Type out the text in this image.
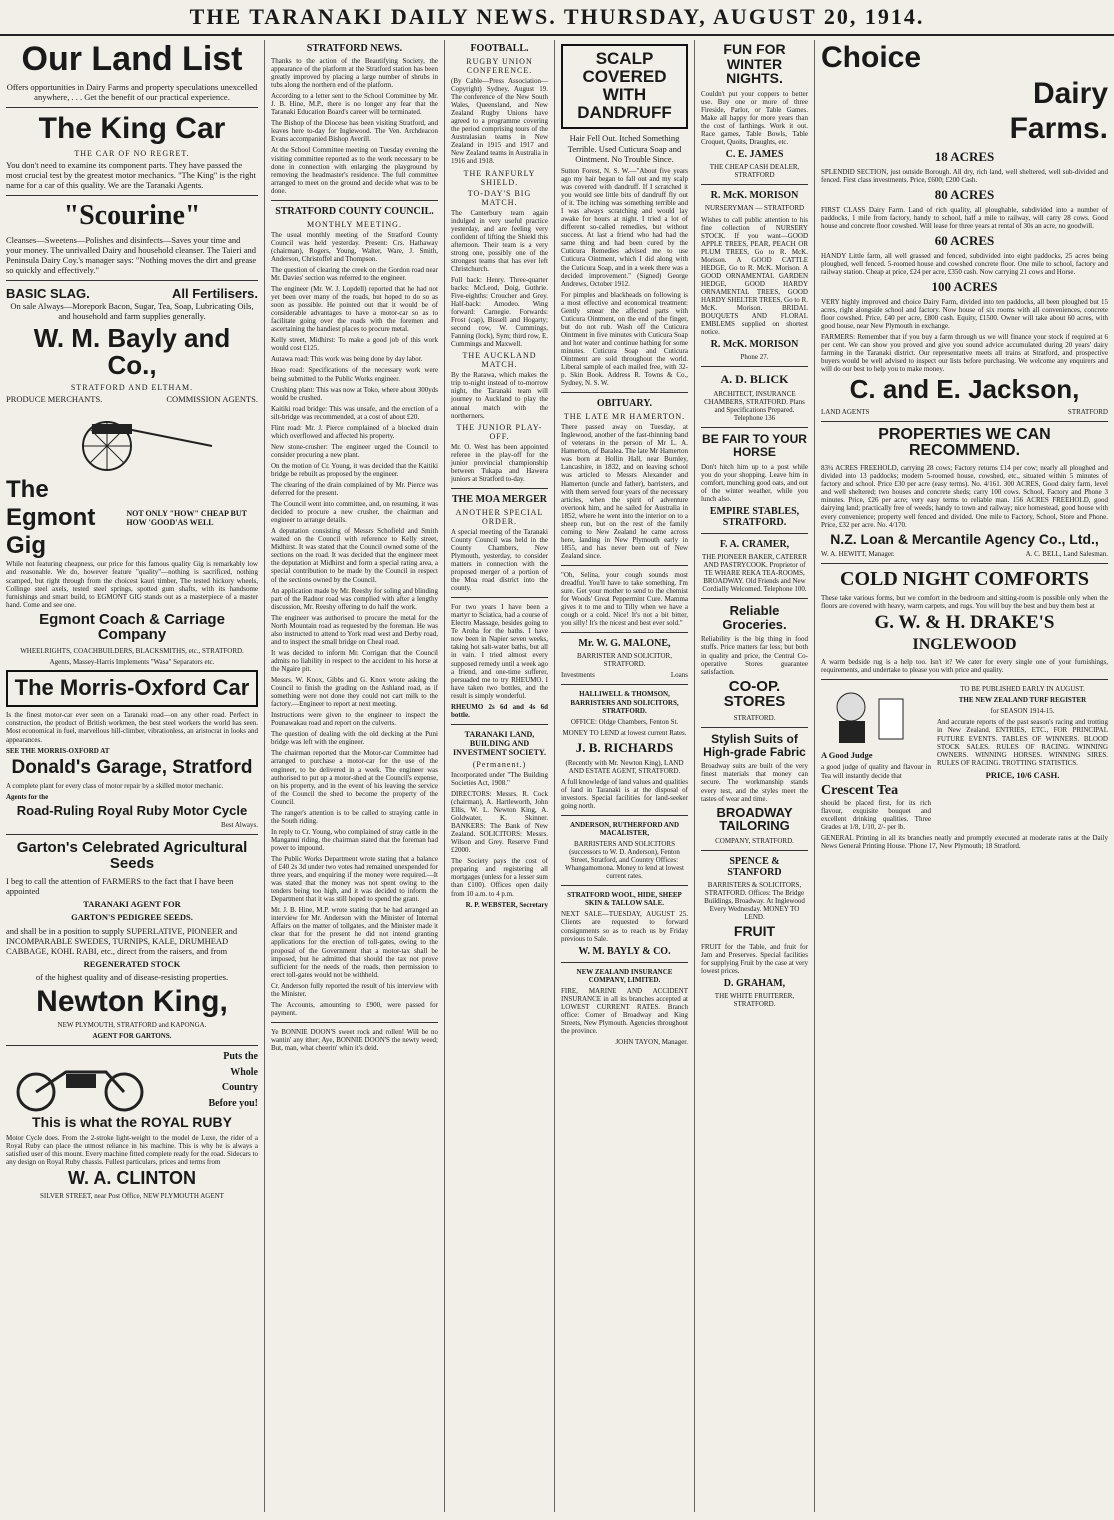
THE TARANAKI DAILY NEWS. THURSDAY, AUGUST 20, 1914.
Our Land List

Offers opportunities in Dairy Farms and property speculations unexcelled anywhere, . . . Get the benefit of our practical experience.

The King Car

THE CAR OF NO REGRET.

You don't need to examine its component parts. They have passed the most crucial test by the greatest motor mechanics. "The King" is the right name for a car of this quality. We are the Taranaki Agents.

"Scourine"

Cleanses—Sweetens—Polishes and disinfects—Saves your time and your money. The unrivalled Dairy and household cleanser. The Taieri and Peninsula Dairy Coy.'s manager says: "Nothing moves the dirt and grease so quickly and effectively."

BASIC SLAG.	All Fertilisers.

On sale Always—Morepork Bacon, Sugar, Tea, Soap, Lubricating Oils, and household and farm supplies generally.

W. M. Bayly and Co.,

STRATFORD AND ELTHAM.

PRODUCE MERCHANTS.	COMMISSION AGENTS.
The Egmont Gig
NOT ONLY "HOW" CHEAP BUT HOW 'GOOD'AS WELL

While not featuring cheapness, our price for this famous quality Gig is remarkably low and reasonable. We do, however feature "quality"—nothing is sacrificed, nothing scamped, but right through from the choicest kauri timber, The tested hickory wheels, Collinge steel axels, tested steel springs, spotted gum shafts, with its handsome furnishings and smart build, to EGMONT GIG stands out as a masterpiece of a master hand. Come and see one.

Egmont Coach & Carriage Company

WHEELRIGHTS, COACHBUILDERS, BLACKSMITHS, etc., STRATFORD.

Agents, Massey-Harris Implements "Wasa" Separators etc.

The Morris-Oxford Car

Is the finest motor-car ever seen on a Taranaki road—on any other road. Perfect in construction, the product of British workmen, the best steel workers the world has seen. Most economical in fuel, marvellous hill-climber, vibrationless, an aristocrat in looks and appearances.

SEE THE MORRIS-OXFORD AT

Donald's Garage, Stratford

A complete plant for every class of motor repair by a skilled motor mechanic.

Agents for the

Road-Ruling Royal Ruby Motor Cycle

Best Always.

Garton's Celebrated Agricultural Seeds

I beg to call the attention of FARMERS to the fact that I have been appointed

TARANAKI AGENT FOR

GARTON'S PEDIGREE SEEDS.

and shall be in a position to supply SUPERLATIVE, PIONEER and INCOMPARABLE SWEDES, TURNIPS, KALE, DRUMHEAD CABBAGE, KOHL RABI, etc., direct from the raisers, and from

REGENERATED STOCK

of the highest quality and of disease-resisting properties.

Newton King,

NEW PLYMOUTH, STRATFORD and KAPONGA.

AGENT FOR GARTONS.

Puts the
Whole
Country
Before you!
This is what the ROYAL RUBY

Motor Cycle does. From the 2-stroke light-weight to the model de Luxe, the rider of a Royal Ruby can place the utmost reliance in his machine. This is why he is always a satisfied user of this mount. Every machine fitted complete ready for the road. Sidecars to any design on Royal Ruby chassis. Fullest particulars, prices and terms from

W. A. CLINTON

SILVER STREET, near Post Office, NEW PLYMOUTH AGENT

STRATFORD NEWS.

Thanks to the action of the Beautifying Society, the appearance of the platform at the Stratford station has been greatly improved by placing a large number of shrubs in tubs along the northern end of the platform.

According to a letter sent to the School Committee by Mr. J. B. Hine, M.P., there is no longer any fear that the Taranaki Education Board's career will be terminated.

The Bishop of the Diocese has been visiting Stratford, and leaves here to-day for Inglewood. The Ven. Archdeacon Evans accompanied Bishop Averill.

At the School Committee meeting on Tuesday evening the visiting committee reported as to the work necessary to be done in connection with enlarging the playground by removing the headmaster's residence. The full committee arranged to meet on the ground and decide what was to be done.

STRATFORD COUNTY COUNCIL.
MONTHLY MEETING.

The usual monthly meeting of the Stratford County Council was held yesterday. Present: Crs. Hathaway (chairman), Rogers, Young, Walter, Ware, J. Smith, Anderson, Christoffel and Thompson.

The question of clearing the creek on the Gordon road near Mr. Davies' section was referred to the engineer.

The engineer (Mr. W. J. Lopdell) reported that he had not yet been over many of the roads, but hoped to do so as soon as possible. He pointed out that it would be of considerable advantages to have a motor-car so as to facilitate going over the roads with the foremen and ascertaining the handiest places to procure metal.

Kelly street, Midhirst: To make a good job of this work would cost £125.

Autawa road: This work was being done by day labor.

Heao road: Specifications of the necessary work were being submitted to the Public Works engineer.

Crushing plant: This was now at Toko, where about 300yds would be crushed.

Kaitiki road bridge: This was unsafe, and the erection of a silt-bridge was recommended, at a cost of about £20.

Flint road: Mr. J. Pierce complained of a blocked drain which overflowed and affected his property.

New stone-crusher: The engineer urged the Council to consider procuring a new plant.

On the motion of Cr. Young, it was decided that the Kaitiki bridge be rebuilt as proposed by the engineer.

The clearing of the drain complained of by Mr. Pierce was deferred for the present.

The Council went into committee, and, on resuming, it was decided to procure a new crusher, the chairman and engineer to arrange details.

A deputation consisting of Messrs Schofield and Smith waited on the Council with reference to Kelly street, Midhirst. It was stated that the Council owned some of the sections on the road. It was decided that the engineer meet the deputation at Midhirst and form a special rating area, a special contribution to be made by the Council in respect of the sections owned by the Council.

An application made by Mr. Reeshy for soling and blinding part of the Radnor road was complied with after a lengthy discussion, Mr. Reeshy offering to do half the work.

The engineer was authorised to procure the metal for the North Mountain road as requested by the foreman. He was also instructed to attend to York road west and Derby road, and to inspect the small bridge on Cheal road.

It was decided to inform Mr. Corrigan that the Council admits no liability in respect to the accident to his horse at the Ngaire pit.

Messrs. W. Knox, Gibbs and G. Knox wrote asking the Council to finish the grading on the Ashland road, as if something were not done they could not cart milk to the factory.—Engineer to report at next meeting.

Instructions were given to the engineer to inspect the Pounawakau road and report on the culverts.

The question of dealing with the old decking at the Puni bridge was left with the engineer.

The chairman reported that the Motor-car Committee had arranged to purchase a motor-car for the use of the engineer, to be delivered in a week. The engineer was authorised to put up a motor-shed at the Council's expense, on his property, and in the event of his leaving the service of the Council the shed to become the property of the Council.

The ranger's attention is to be called to straying cattle in the South riding.

In reply to Cr. Young, who complained of stray cattle in the Manganui riding, the chairman stated that the foreman had power to impound.

The Public Works Department wrote stating that a balance of £40 2s 3d under two votes had remained unexpended for three years, and enquiring if the money were required.—It was stated that the money was not spent owing to the tenders being too high, and it was decided to inform the Department that it was still hoped to spend the grant.

Mr. J. B. Hine, M.P. wrote stating that he had arranged an interview for Mr. Anderson with the Minister of Internal Affairs on the matter of tollgates, and the Minister made it clear that for the present he did not intend granting applications for the erection of toll-gates, owing to the proposal of the Government that a motor-tax shall be imposed, but he admitted that should the tax not prove sufficient for the needs of the roads, then permission to erect toll-gates would not be withheld.

Cr. Anderson fully reported the result of his interview with the Minister.

The Accounts, amounting to £900, were passed for payment.

Ye BONNIE DOON'S sweet rock and rollen! Will be no wantin' any ither; Aye, BONNIE DOON'S the newty weed; But, man, what cheerin' whin it's deid.

FOOTBALL.
RUGBY UNION CONFERENCE.

(By Cable—Press Association—Copyright) Sydney, August 19. The conference of the New South Wales, Queensland, and New Zealand Rugby Unions have agreed to a programme covering the period comprising tours of the Australasian teams in New Zealand in 1915 and 1917 and New Zealand teams in Australia in 1916 and 1918.

THE RANFURLY SHIELD.
TO-DAY'S BIG MATCH.

The Canterbury team again indulged in very useful practice yesterday, and are feeling very confident of lifting the Shield this afternoon. Their team is a very strong one, possibly one of the strongest teams that has ever left Christchurch.

Full back: Henry. Three-quarter backs: McLeod, Doig, Guthrie. Five-eighths: Croucher and Grey. Half-back: Amodeo. Wing forward: Carnegie. Forwards: Frost (cap), Bissell and Hogarty; second row, W. Cummings, Fanning (lock), Sym; third row, E. Cummings and Maxwell.

THE AUCKLAND MATCH.

By the Rarawa, which makes the trip to-night instead of to-morrow night, the Taranaki team will journey to Auckland to play the annual match with the northerners.

THE JUNIOR PLAY-OFF.

Mr. O. West has been appointed referee in the play-off for the junior provincial championship between Tukapa and Hawera juniors at Stratford to-day.

THE MOA MERGER
ANOTHER SPECIAL ORDER.

A special meeting of the Taranaki County Council was held in the County Chambers, New Plymouth, yesterday, to consider matters in connection with the proposed merger of a portion of the Moa road district into the county.

For two years I have been a martyr to Sciatica, had a course of Electro Massage, besides going to Te Aroha for the baths. I have now been in Napier seven weeks, taking hot salt-water baths, but all in vain. I tried almost every supposed remedy until a week ago a friend, and one-time sufferer, persuaded me to try RHEUMO. I have taken two bottles, and the result is simply wonderful.

RHEUMO 2s 6d and 4s 6d bottle.

TARANAKI LAND, BUILDING AND INVESTMENT SOCIETY.
(Permanent.)

Incorporated under "The Building Societies Act, 1908."

DIRECTORS: Messrs. R. Cock (chairman), A. Hartleworth, John Ellis, W. L. Newton King, A. Goldwater, K. Skinner. BANKERS: The Bank of New Zealand. SOLICITORS: Messrs. Wilson and Grey. Reserve Fund £2000.

The Society pays the cost of preparing and registering all mortgages (unless for a lesser sum than £100). Offices open daily from 10 a.m. to 4 p.m.

R. P. WEBSTER, Secretary

SCALP COVERED WITH DANDRUFF

Hair Fell Out. Itched Something Terrible. Used Cuticura Soap and Ointment. No Trouble Since.

Sutton Forest, N. S. W.—"About five years ago my hair began to fall out and my scalp was covered with dandruff. If I scratched it you would see little bits of dandruff fly out of it. The itching was something terrible and I was always scratching and would lay awake for hours at night. I tried a lot of different so-called remedies, but without success. At last a friend who had had the same thing and had been cured by the Cuticura Remedies advised me to use Cuticura Ointment, which I did along with the Cuticura Soap, and in a week there was a decided improvement." (Signed) George Andrews, October 1912.

For pimples and blackheads on following is a most effective and economical treatment: Gently smear the affected parts with Cuticura Ointment, on the end of the finger, but do not rub. Wash off the Cuticura Ointment in five minutes with Cuticura Soap and hot water and continue bathing for some minutes. Cuticura Soap and Cuticura Ointment are sold throughout the world. Liberal sample of each mailed free, with 32-p. Skin Book. Address R. Towns & Co., Sydney, N. S. W.

OBITUARY.
THE LATE MR HAMERTON.

There passed away on Tuesday, at Inglewood, another of the fast-thinning band of veterans in the person of Mr L. A. Hamerton, of Baralea. The late Mr Hamerton was born at Hollin Hall, near Burnley, Lancashire, in 1832, and on leaving school was articled to Messrs Alexander and Hamerton (uncle and father), barristers, and with them served four years of the necessary articles, when the spirit of adventure overtook him, and he sailed for Australia in 1852, where he went into the interior on to a sheep run, but on the rest of the family coming to New Zealand he came across here, landing in New Plymouth early in 1855, and has never been out of New Zealand since.

"Oh, Selina, your cough sounds most dreadful. You'll have to take something. I'm sure. Get your mother to send to the chemist for Woods' Great Peppermint Cure. Mamma gives it to me and to Tilly when we have a cough or a cold. Nice! It's not a bit bitter, you silly! It's the nicest and best ever sold."

Mr. W. G. MALONE,

BARRISTER AND SOLICITOR, STRATFORD.

Investments	Loans

HALLIWELL & THOMSON, BARRISTERS AND SOLICITORS, STRATFORD.

OFFICE: Oldge Chambers, Fenton St.

MONEY TO LEND at lowest current Rates.

J. B. RICHARDS

(Recently with Mr. Newton King), LAND AND ESTATE AGENT, STRATFORD.

A full knowledge of land values and qualities of land in Taranaki is at the disposal of investors. Special facilities for land-seeker going north.

ANDERSON, RUTHERFORD AND MACALISTER,

BARRISTERS AND SOLICITORS (successors to W. D. Anderson), Fenton Street, Stratford, and Country Offices: Whangamomona. Money to lend at lowest current rates.

STRATFORD WOOL, HIDE, SHEEP SKIN & TALLOW SALE.

NEXT SALE—TUESDAY, AUGUST 25. Clients are requested to forward consignments so as to reach us by Friday previous to Sale.

W. M. BAYLY & CO.

NEW ZEALAND INSURANCE COMPANY, LIMITED.

FIRE, MARINE AND ACCIDENT INSURANCE in all its branches accepted at LOWEST CURRENT RATES. Branch office: Corner of Broadway and King Streets, New Plymouth. Agencies throughout the province.

JOHN TAYON, Manager.

FUN FOR WINTER NIGHTS.

Couldn't put your coppers to better use. Buy one or more of three Fireside, Parlor, or Table Games. Make all happy for more years than the cost of farthings. Work it out. Race games, Table Bowls, Table Croquet, Quoits, Draughts, etc.

C. E. JAMES

THE CHEAP CASH DEALER, STRATFORD

R. McK. MORISON

NURSERYMAN — STRATFORD

Wishes to call public attention to his fine collection of NURSERY STOCK. If you want—GOOD APPLE TREES, PEAR, PEACH OR PLUM TREES, Go to R. McK. Morison. A GOOD CATTLE HEDGE, Go to R. McK. Morison. A GOOD ORNAMENTAL GARDEN HEDGE, GOOD HARDY ORNAMENTAL TREES, GOOD HARDY SHELTER TREES, Go to R. McK. Morison. BRIDAL BOUQUETS AND FLORAL EMBLEMS supplied on shortest notice.

R. McK. MORISON

Phone 27.

A. D. BLICK

ARCHITECT, INSURANCE CHAMBERS, STRATFORD. Plans and Specifications Prepared. Telephone 136

BE FAIR TO YOUR HORSE

Don't hitch him up to a post while you do your shopping. Leave him in comfort, munching good oats, and out of the winter weather, while you lunch also.

EMPIRE STABLES, STRATFORD.
F. A. CRAMER,

THE PIONEER BAKER, CATERER AND PASTRYCOOK. Proprietor of TE WHARE REKA TEA-ROOMS, BROADWAY. Old Friends and New Cordially Welcomed. Telephone 100.

Reliable Groceries.

Reliability is the big thing in food stuffs. Price matters far less; but both in quality and price, the Central Co-operative Stores guarantee satisfaction.

CO-OP. STORES

STRATFORD.

Stylish Suits of High-grade Fabric

Broadway suits are built of the very finest materials that money can secure. The workmanship stands every test, and the styles meet the tastes of wear and time.

BROADWAY TAILORING

COMPANY, STRATFORD.

SPENCE & STANFORD

BARRISTERS & SOLICITORS, STRATFORD. Offices: The Bridge Buildings, Broadway. At Inglewood Every Wednesday. MONEY TO LEND.

FRUIT

FRUIT for the Table, and fruit for Jam and Preserves. Special facilities for supplying Fruit by the case at very lowest prices.

D. GRAHAM,

THE WHITE FRUITERER, STRATFORD.

Choice
Dairy
Farms.
18 ACRES

SPLENDID SECTION, just outside Borough. All dry, rich land, well sheltered, well sub-divided and fenced. First class investments. Price, £600; £200 Cash.

80 ACRES

FIRST CLASS Dairy Farm. Land of rich quality, all ploughable, subdivided into a number of paddocks, 1 mile from factory, handy to school, half a mile to railway, will carry 28 cows. Good house and concrete floor cowshed. Will lease for three years at rental of 30s an acre, no goodwill.

60 ACRES

HANDY Little farm, all well grassed and fenced, subdivided into eight paddocks, 25 acres being ploughed, well fenced. 5-roomed house and cowshed concrete floor. One mile to school, factory and railway station. Cheap at price, £24 per acre, £350 cash. Now carrying 21 cows and Horse.

100 ACRES

VERY highly improved and choice Dairy Farm, divided into ten paddocks, all been ploughed but 15 acres, right alongside school and factory. Now house of six rooms with all conveniences, concrete floor cowshed. Price, £40 per acre, £800 cash. Equity, £1500. Owner will take about 60 acres, with good house, near New Plymouth in exchange.

FARMERS: Remember that if you buy a farm through us we will finance your stock if required at 6 per cent. We can show you proved and give you sound advice accumulated during 20 years' dairy farming in the Taranaki district. Our representative meets all trains at Stratford, and prospective buyers would be well advised to inspect our lists before purchasing. We welcome any enquirers and will do our best to help you to make money.

C. and E. Jackson,
LAND AGENTS	STRATFORD
PROPERTIES WE CAN RECOMMEND.

83¼ ACRES FREEHOLD, carrying 28 cows; Factory returns £14 per cow; nearly all ploughed and divided into 13 paddocks; modern 5-roomed house, cowshed, etc., situated within 5 minutes of factory and school. Price £30 per acre (easy terms). No. 4/161. 300 ACRES, Good dairy farm, level and well sheltered; two houses and concrete sheds; carry 100 cows. School, Factory and Phone 3 minutes. Price, £26 per acre; very easy terms to reliable man. 156 ACRES FREEHOLD, good dairying land; practically free of weeds; handy to town and railway; nice homestead, good house with every convenience; property well fenced and divided. One mile to Factory, School, Store and Phone. Price, £32 per acre. No. 4/170.

N.Z. Loan & Mercantile Agency Co., Ltd.,
W. A. HEWITT, Manager.	A. C. BELL, Land Salesman.
COLD NIGHT COMFORTS

These take various forms, but we comfort in the bedroom and sitting-room is possible only when the floors are covered with heavy, warm carpets, and rugs. You will buy the best and buy them best at

G. W. & H. DRAKE'S
INGLEWOOD

A warm bedside rug is a help too. Isn't it? We cater for every single one of your furnishings, requirements, and undertake to please you with price and quality.

A Good Judge

a good judge of quality and flavour in Tea will instantly decide that

Crescent Tea

should be placed first, for its rich flavour, exquisite bouquet and excellent drinking qualities. Three Grades at 1/8, 1/10, 2/- per lb.

TO BE PUBLISHED EARLY IN AUGUST.

THE NEW ZEALAND TURF REGISTER

for SEASON 1914-15.

And accurate reports of the past season's racing and trotting in New Zealand. ENTRIES, ETC., FOR PRINCIPAL FUTURE EVENTS. TABLES OF WINNERS. BLOOD STOCK SALES. RULES OF RACING. WINNING OWNERS. WINNING HORSES. WINNING SIRES. RULES OF RACING. TROTTING STATISTICS.

PRICE, 10/6 CASH.

GENERAL Printing in all its branches neatly and promptly executed at moderate rates at the Daily News General Printing House. 'Phone 17, New Plymouth; 18 Stratford.
